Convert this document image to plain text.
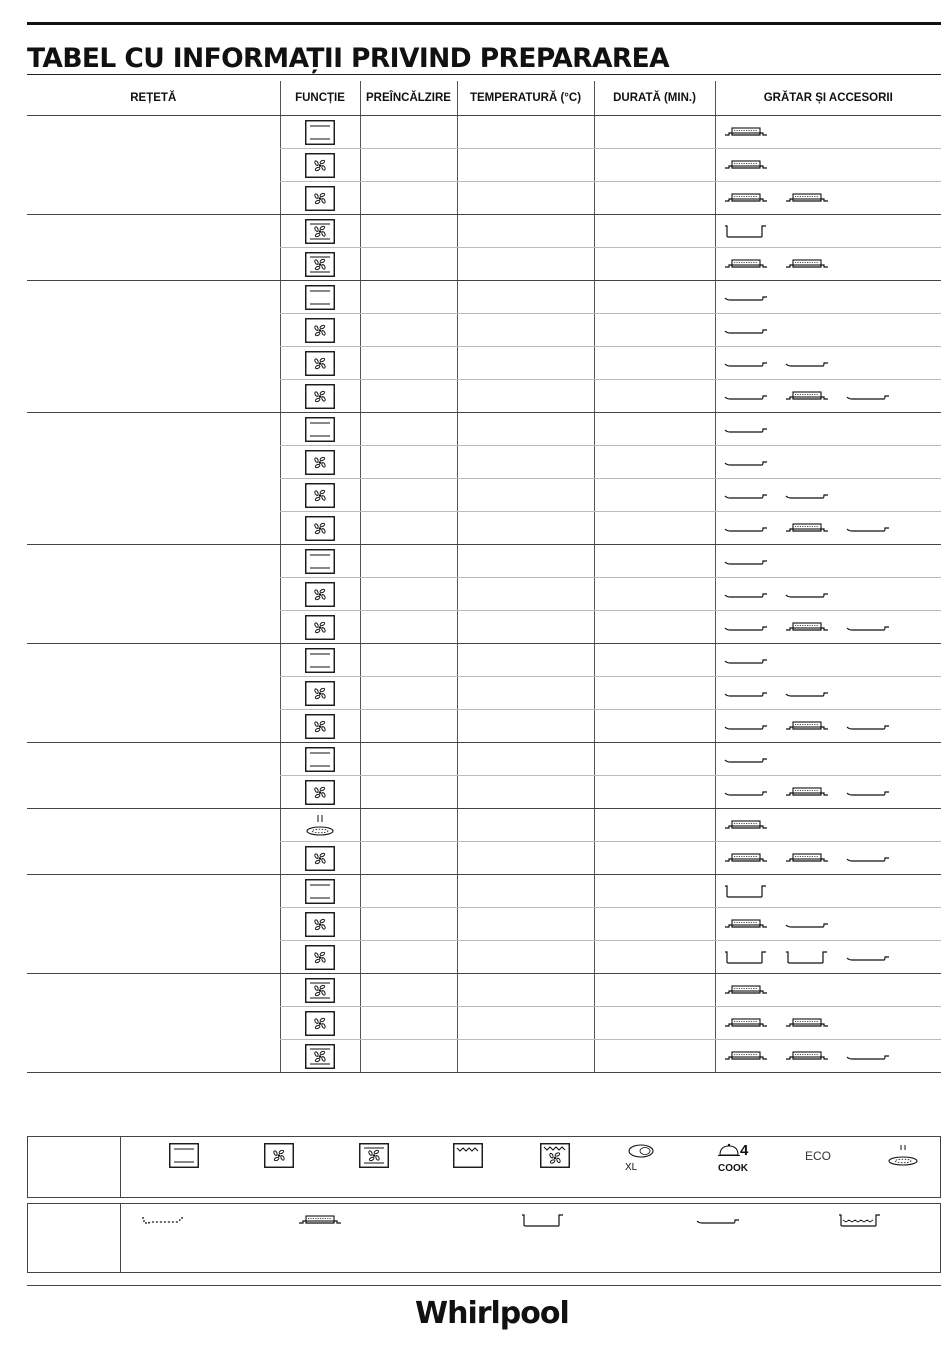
TABEL CU INFORMAȚII PRIVIND PREPARAREA
REȚETĂ	FUNCȚIE	PREÎNCĂLZIRE	TEMPERATURĂ (°C)	DURATĂ (MIN.)	GRĂTAR ȘI ACCESORII

XL
4
COOK
ECO
Whirlpool
